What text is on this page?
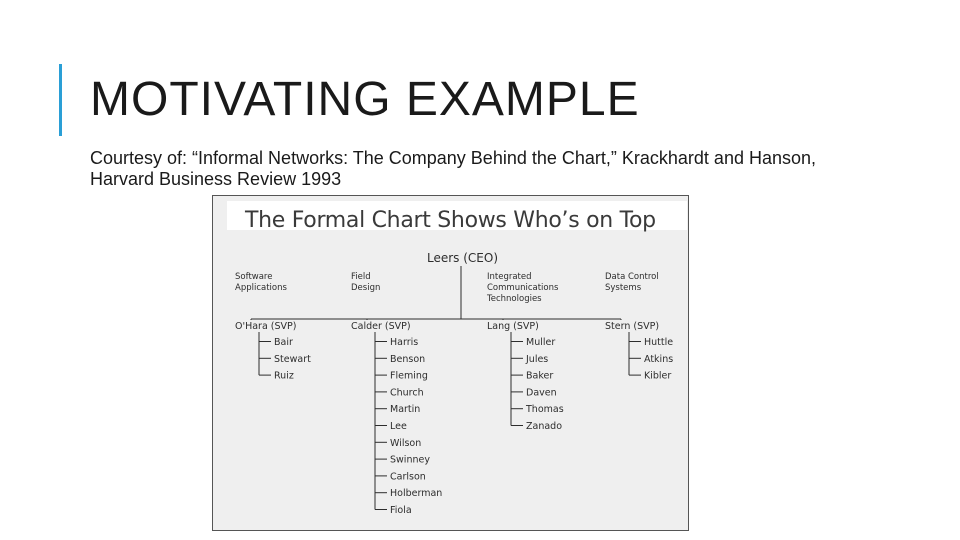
MOTIVATING EXAMPLE
Courtesy of: “Informal Networks: The Company Behind the Chart,” Krackhardt and Hanson, Harvard Business Review 1993
The Formal Chart Shows Who’s on Top
Leers (CEO)
Software
Applications
O'Hara (SVP)
Bair
Stewart
Ruiz
Field
Design
Calder (SVP)
Harris
Benson
Fleming
Church
Martin
Lee
Wilson
Swinney
Carlson
Holberman
Fiola
Integrated
Communications
Technologies
Lang (SVP)
Muller
Jules
Baker
Daven
Thomas
Zanado
Data Control
Systems
Stern (SVP)
Huttle
Atkins
Kibler
